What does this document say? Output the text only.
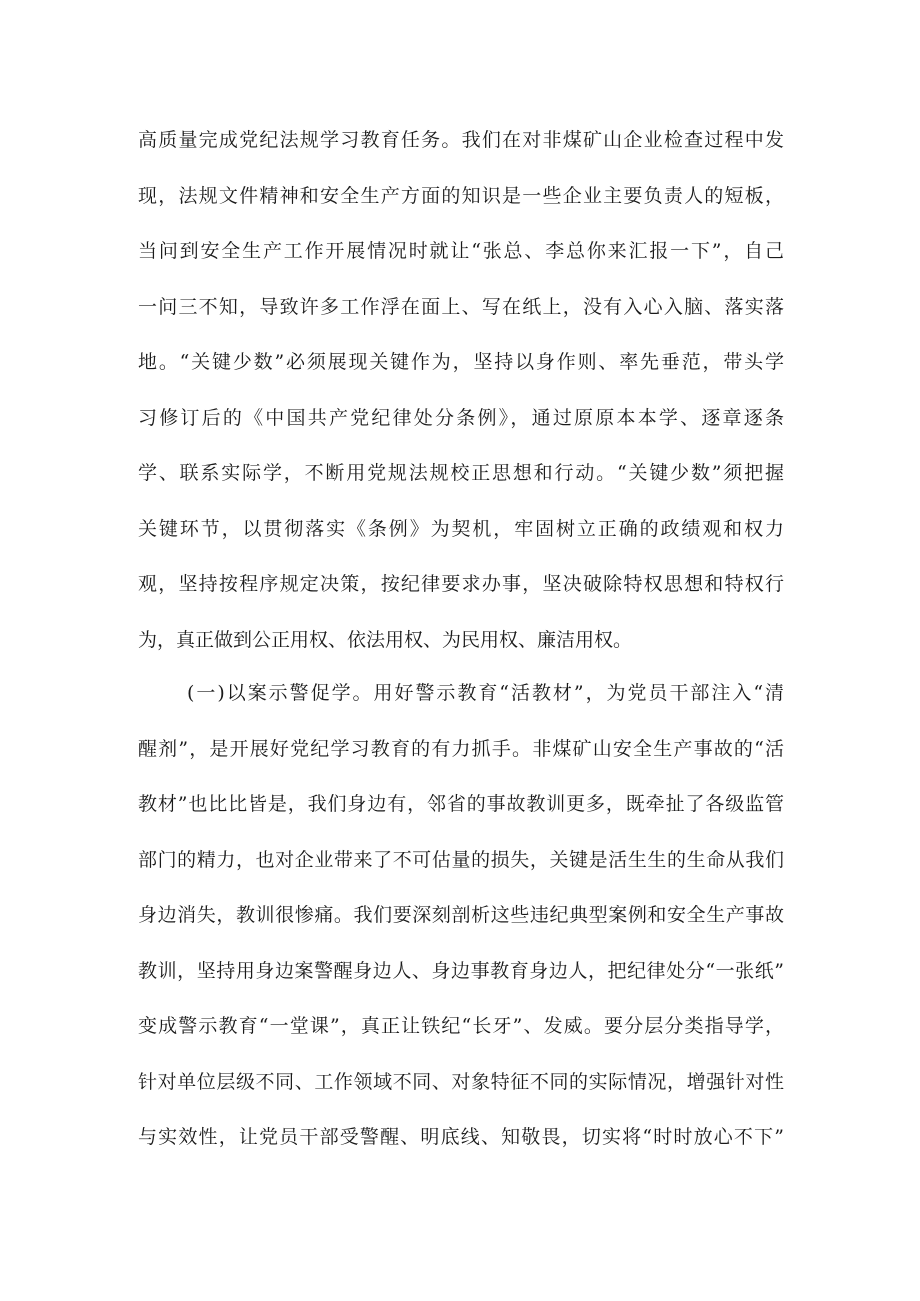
高质量完成党纪法规学习教育任务。我们在对非煤矿山企业检查过程中发
现，法规文件精神和安全生产方面的知识是一些企业主要负责人的短板，
当问到安全生产工作开展情况时就让“张总、李总你来汇报一下”，自己
一问三不知，导致许多工作浮在面上、写在纸上，没有入心入脑、落实落
地。“关键少数”必须展现关键作为，坚持以身作则、率先垂范，带头学
习修订后的《中国共产党纪律处分条例》，通过原原本本学、逐章逐条
学、联系实际学，不断用党规法规校正思想和行动。“关键少数”须把握
关键环节，以贯彻落实《条例》为契机，牢固树立正确的政绩观和权力
观，坚持按程序规定决策，按纪律要求办事，坚决破除特权思想和特权行
为，真正做到公正用权、依法用权、为民用权、廉洁用权。
(一)以案示警促学。用好警示教育“活教材”，为党员干部注入“清
醒剂”，是开展好党纪学习教育的有力抓手。非煤矿山安全生产事故的“活
教材”也比比皆是，我们身边有，邻省的事故教训更多，既牵扯了各级监管
部门的精力，也对企业带来了不可估量的损失，关键是活生生的生命从我们
身边消失，教训很惨痛。我们要深刻剖析这些违纪典型案例和安全生产事故
教训，坚持用身边案警醒身边人、身边事教育身边人，把纪律处分“一张纸”
变成警示教育“一堂课”，真正让铁纪“长牙”、发威。要分层分类指导学，
针对单位层级不同、工作领域不同、对象特征不同的实际情况，增强针对性
与实效性，让党员干部受警醒、明底线、知敬畏，切实将“时时放心不下”
